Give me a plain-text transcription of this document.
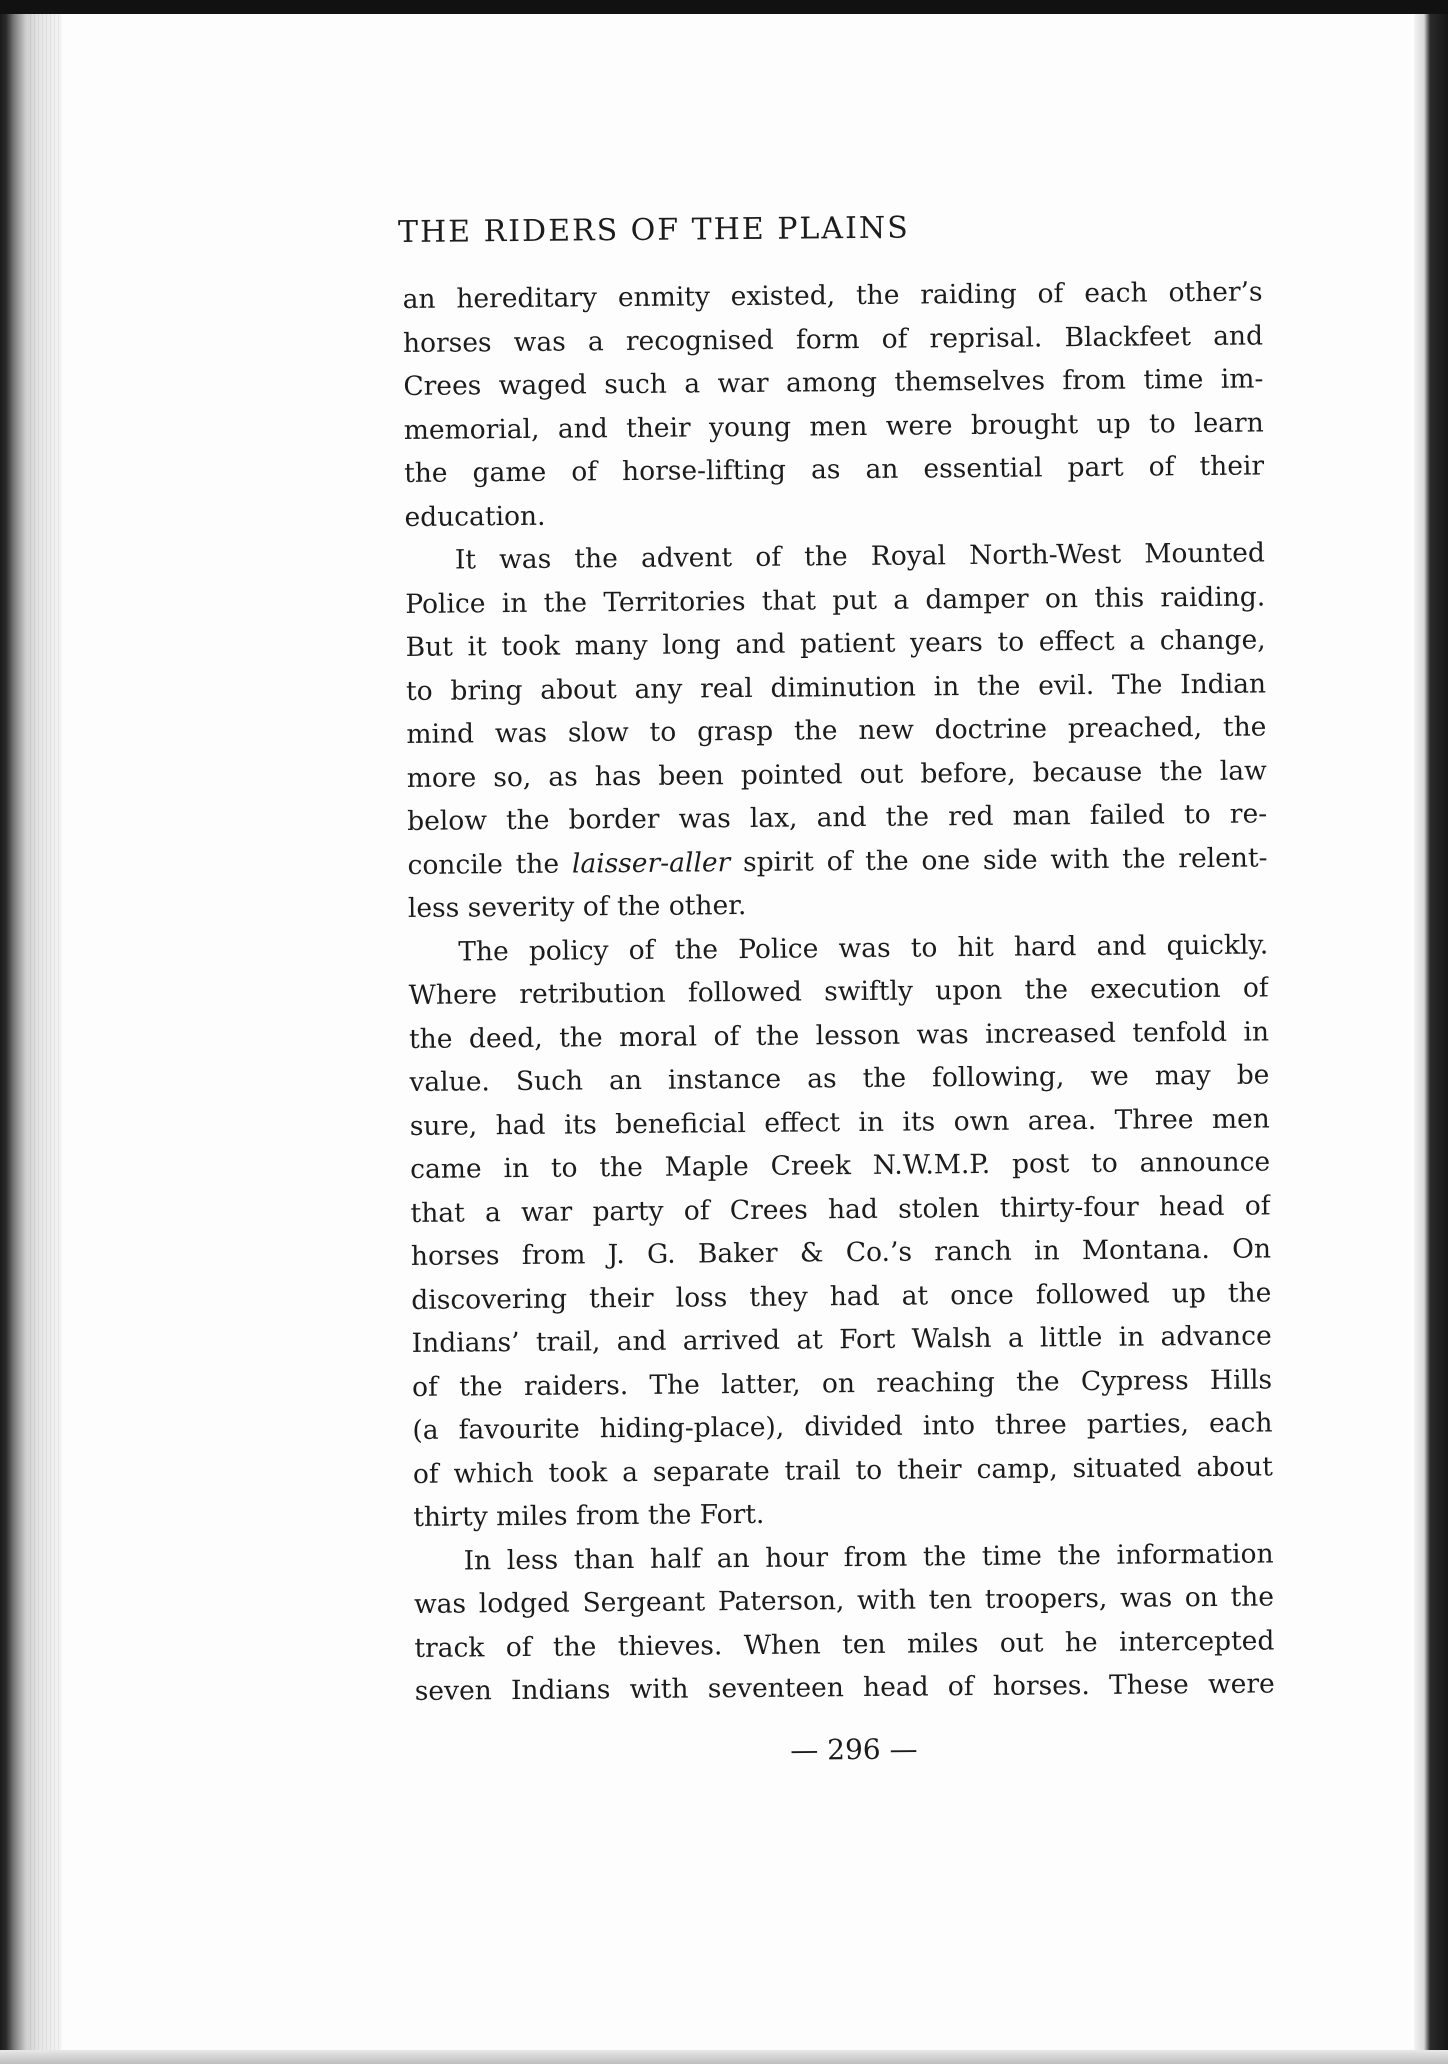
THE RIDERS OF THE PLAINS
an hereditary enmity existed, the raiding of each other’s
horses was a recognised form of reprisal. Blackfeet and
Crees waged such a war among themselves from time im-
memorial, and their young men were brought up to learn
the game of horse-lifting as an essential part of their
education.
It was the advent of the Royal North-West Mounted
Police in the Territories that put a damper on this raiding.
But it took many long and patient years to effect a change,
to bring about any real diminution in the evil. The Indian
mind was slow to grasp the new doctrine preached, the
more so, as has been pointed out before, because the law
below the border was lax, and the red man failed to re-
concile the laisser-aller spirit of the one side with the relent-
less severity of the other.
The policy of the Police was to hit hard and quickly.
Where retribution followed swiftly upon the execution of
the deed, the moral of the lesson was increased tenfold in
value. Such an instance as the following, we may be
sure, had its beneficial effect in its own area. Three men
came in to the Maple Creek N.W.M.P. post to announce
that a war party of Crees had stolen thirty-four head of
horses from J. G. Baker & Co.’s ranch in Montana. On
discovering their loss they had at once followed up the
Indians’ trail, and arrived at Fort Walsh a little in advance
of the raiders. The latter, on reaching the Cypress Hills
(a favourite hiding-place), divided into three parties, each
of which took a separate trail to their camp, situated about
thirty miles from the Fort.
In less than half an hour from the time the information
was lodged Sergeant Paterson, with ten troopers, was on the
track of the thieves. When ten miles out he intercepted
seven Indians with seventeen head of horses. These were
— 296 —
